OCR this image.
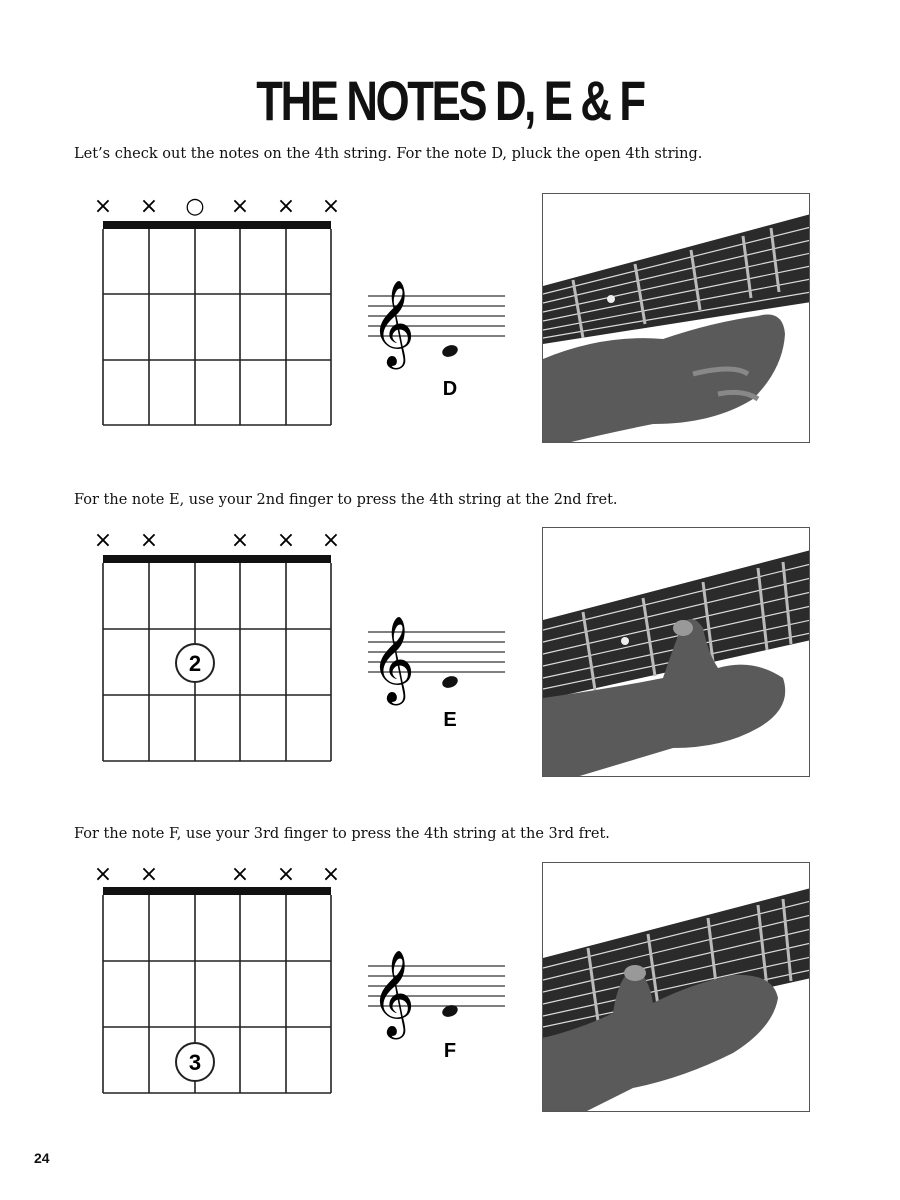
THE NOTES D, E & F
Let’s check out the notes on the 4th string. For the note D, pluck the open 4th string.
× × ○ × × ×
𝄞
D
For the note E, use your 2nd finger to press the 4th string at the 2nd fret.
× ×	× × ×
2 𝄞
E
For the note F, use your 3rd finger to press the 4th string at the 3rd fret.
× ×	× × ×
3
𝄞
F
24
